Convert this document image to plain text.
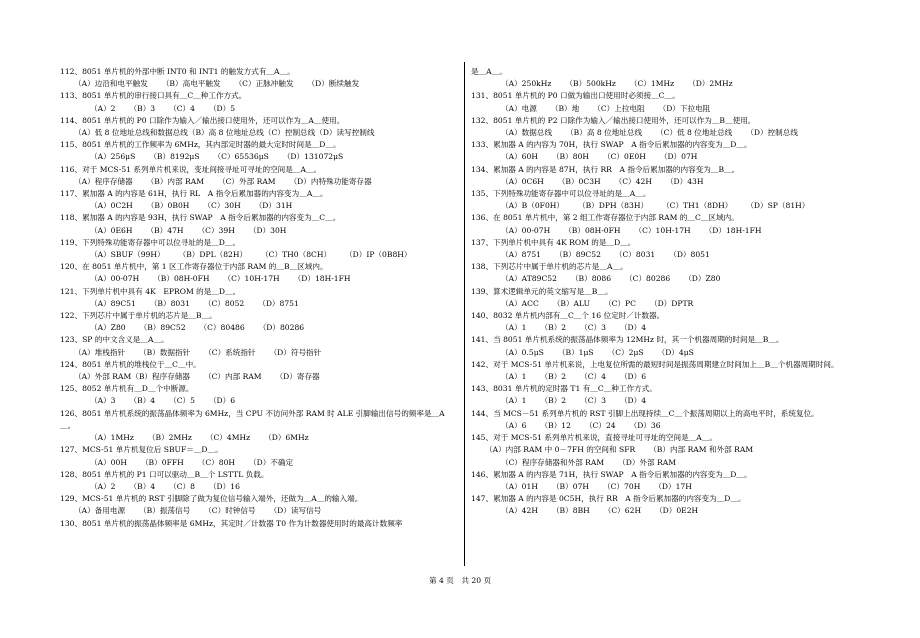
112、8051 单片机的外部中断 INT0 和 INT1 的触发方式有＿A＿。
（A）边沿和电平触发 （B）高电平触发 （C）正脉冲触发 （D）断续触发
113、8051 单片机的串行接口具有＿C＿种工作方式。
（A）2 （B）3 （C）4 （D）5
114、8051 单片机的 P0 口除作为输入／输出接口使用外，还可以作为＿A＿使用。
（A）低 8 位地址总线和数据总线（B）高 8 位地址总线（C）控制总线（D）读写控制线
115、8051 单片机的工作频率为 6MHz，其内部定时器的最大定时时间是＿D＿。
（A）256μS （B）8192μS （C）65536μS （D）131072μS
116、对于 MCS-51 系列单片机来说，变址间接寻址可寻址的空间是＿A＿。
（A）程序存储器 （B）内部 RAM （C）外部 RAM （D）内特殊功能寄存器
117、累加器 A 的内容是 61H，执行 RL　A 指令后累加器的内容变为＿A＿。
（A）0C2H （B）0B0H （C）30H （D）31H
118、累加器 A 的内容是 93H，执行 SWAP　A 指令后累加器的内容变为＿C＿。
（A）0E6H （B）47H （C）39H （D）30H
119、下列特殊功能寄存器中可以位寻址的是＿D＿。
（A）SBUF（99H） （B）DPL（82H） （C）TH0（8CH） （D）IP（0B8H）
120、在 8051 单片机中，第 1 区工作寄存器位于内部 RAM 的＿B＿区域内。
（A）00-07H （B）08H-0FH （C）10H-17H （D）18H-1FH
121、下列单片机中具有 4K　EPROM 的是＿D＿。
（A）89C51 （B）8031 （C）8052 （D）8751
122、下列芯片中属于单片机的芯片是＿B＿。
（A）Z80 （B）89C52 （C）80486 （D）80286
123、SP 的中文含义是＿A＿。
（A）堆栈指针 （B）数据指针 （C）系统指针 （D）符号指针
124、8051 单片机的堆栈位于＿C＿中。
（A）外部 RAM（B）程序存储器 （C）内部 RAM （D）寄存器
125、8052 单片机有＿D＿个中断源。
（A）3 （B）4 （C）5 （D）6
126、8051 单片机系统的振荡晶体频率为 6MHz，当 CPU 不访问外部 RAM 时 ALE 引脚输出信号的频率是＿A＿。
（A）1MHz （B）2MHz （C）4MHz （D）6MHz
127、MCS-51 单片机复位后 SBUF＝＿D＿。
（A）00H （B）0FFH （C）80H （D）不确定
128、8051 单片机的 P1 口可以驱动＿B＿个 LSTTL 负载。
（A）2 （B）4 （C）8 （D）16
129、MCS-51 单片机的 RST 引脚除了做为复位信号输入端外，还做为＿A＿的输入端。
（A）备用电源 （B）振荡信号 （C）时钟信号 （D）读写信号
130、8051 单片机的振荡晶体频率是 6MHz，其定时／计数器 T0 作为计数器使用时的最高计数频率
是＿A＿。
（A）250kHz （B）500kHz （C）1MHz （D）2MHz
131、8051 单片机的 P0 口做为输出口使用时必须接＿C＿。
（A）电源 （B）地 （C）上拉电阻 （D）下拉电阻
132、8051 单片机的 P2 口除作为输入／输出接口使用外，还可以作为＿B＿使用。
（A）数据总线 （B）高 8 位地址总线 （C）低 8 位地址总线 （D）控制总线
133、累加器 A 的内容为 70H，执行 SWAP　A 指令后累加器的内容变为＿D＿。
（A）60H （B）80H （C）0E0H （D）07H
134、累加器 A 的内容是 87H，执行 RR　A 指令后累加器的内容变为＿B＿。
（A）0C6H （B）0C3H （C）42H （D）43H
135、下列特殊功能寄存器中可以位寻址的是＿A＿。
（A）B（0F0H） （B）DPH（83H） （C）TH1（8DH） （D）SP（81H）
136、在 8051 单片机中，第 2 组工作寄存器位于内部 RAM 的＿C＿区域内。
（A）00-07H （B）08H-0FH （C）10H-17H （D）18H-1FH
137、下列单片机中具有 4K ROM 的是＿D＿。
（A）8751 （B）89C52 （C）8031 （D）8051
138、下列芯片中属于单片机的芯片是＿A＿。
（A）AT89C52 （B）8086 （C）80286 （D）Z80
139、算术逻辑单元的英文缩写是＿B＿。
（A）ACC （B）ALU （C）PC （D）DPTR
140、8032 单片机内部有＿C＿个 16 位定时／计数器。
（A）1 （B）2 （C）3 （D）4
141、当 8051 单片机系统的振荡晶体频率为 12MHz 时，其一个机器周期的时间是＿B＿。
（A）0.5μS （B）1μS （C）2μS （D）4μS
142、对于 MCS-51 单片机来说，上电复位所需的最短时间是振荡周期建立时间加上＿B＿个机器周期时间。
（A）1 （B）2 （C）4 （D）6
143、8031 单片机的定时器 T1 有＿C＿种工作方式。
（A）1 （B）2 （C）3 （D）4
144、当 MCS－51 系列单片机的 RST 引脚上出现持续＿C＿个振荡周期以上的高电平时，系统复位。
（A）6 （B）12 （C）24 （D）36
145、对于 MCS-51 系列单片机来说，直接寻址可寻址的空间是＿A＿。
（A）内部 RAM 中 0－7FH 的空间和 SFR （B）内部 RAM 和外部 RAM
（C）程序存储器和外部 RAM （D）外部 RAM
146、累加器 A 的内容是 71H，执行 SWAP　A 指令后累加器的内容变为＿D＿。
（A）01H （B）07H （C）70H （D）17H
147、累加器 A 的内容是 0C5H，执行 RR　A 指令后累加器的内容变为＿D＿。
（A）42H （B）8BH （C）62H （D）0E2H
第 4 页　共 20 页
